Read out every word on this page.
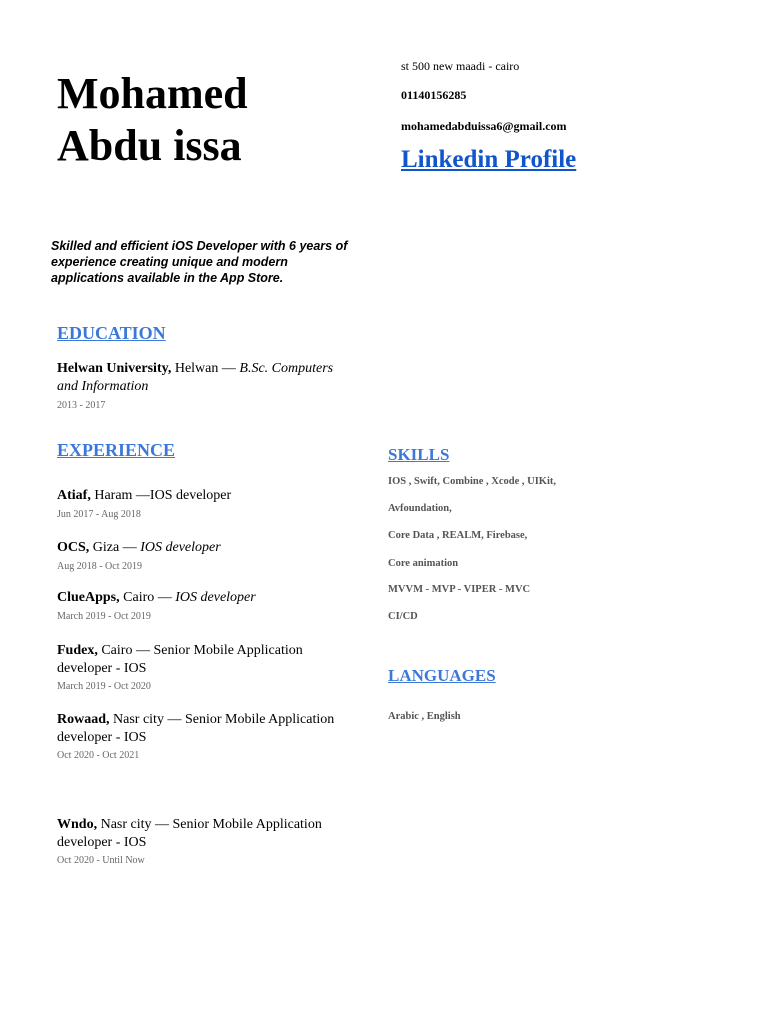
Mohamed
Abdu issa
st 500 new maadi - cairo
01140156285
mohamedabduissa6@gmail.com
Linkedin Profile

Skilled and efficient iOS Developer with 6 years of experience creating unique and modern applications available in the App Store.

EDUCATION

Helwan University, Helwan — B.Sc. Computers and Information

2013 - 2017

EXPERIENCE

Atiaf, Haram —IOS developer

Jun 2017 - Aug 2018

OCS, Giza — IOS developer

Aug 2018 - Oct 2019

ClueApps, Cairo — IOS developer

March 2019 - Oct 2019

Fudex, Cairo — Senior Mobile Application developer - IOS

March 2019 - Oct 2020

Rowaad, Nasr city — Senior Mobile Application developer - IOS

Oct 2020 - Oct 2021

Wndo, Nasr city — Senior Mobile Application developer - IOS

Oct 2020 - Until Now

SKILLS
IOS , Swift, Combine , Xcode , UIKit,
Avfoundation,
Core Data , REALM, Firebase,
Core animation
MVVM - MVP - VIPER - MVC
CI/CD
LANGUAGES
Arabic , English
